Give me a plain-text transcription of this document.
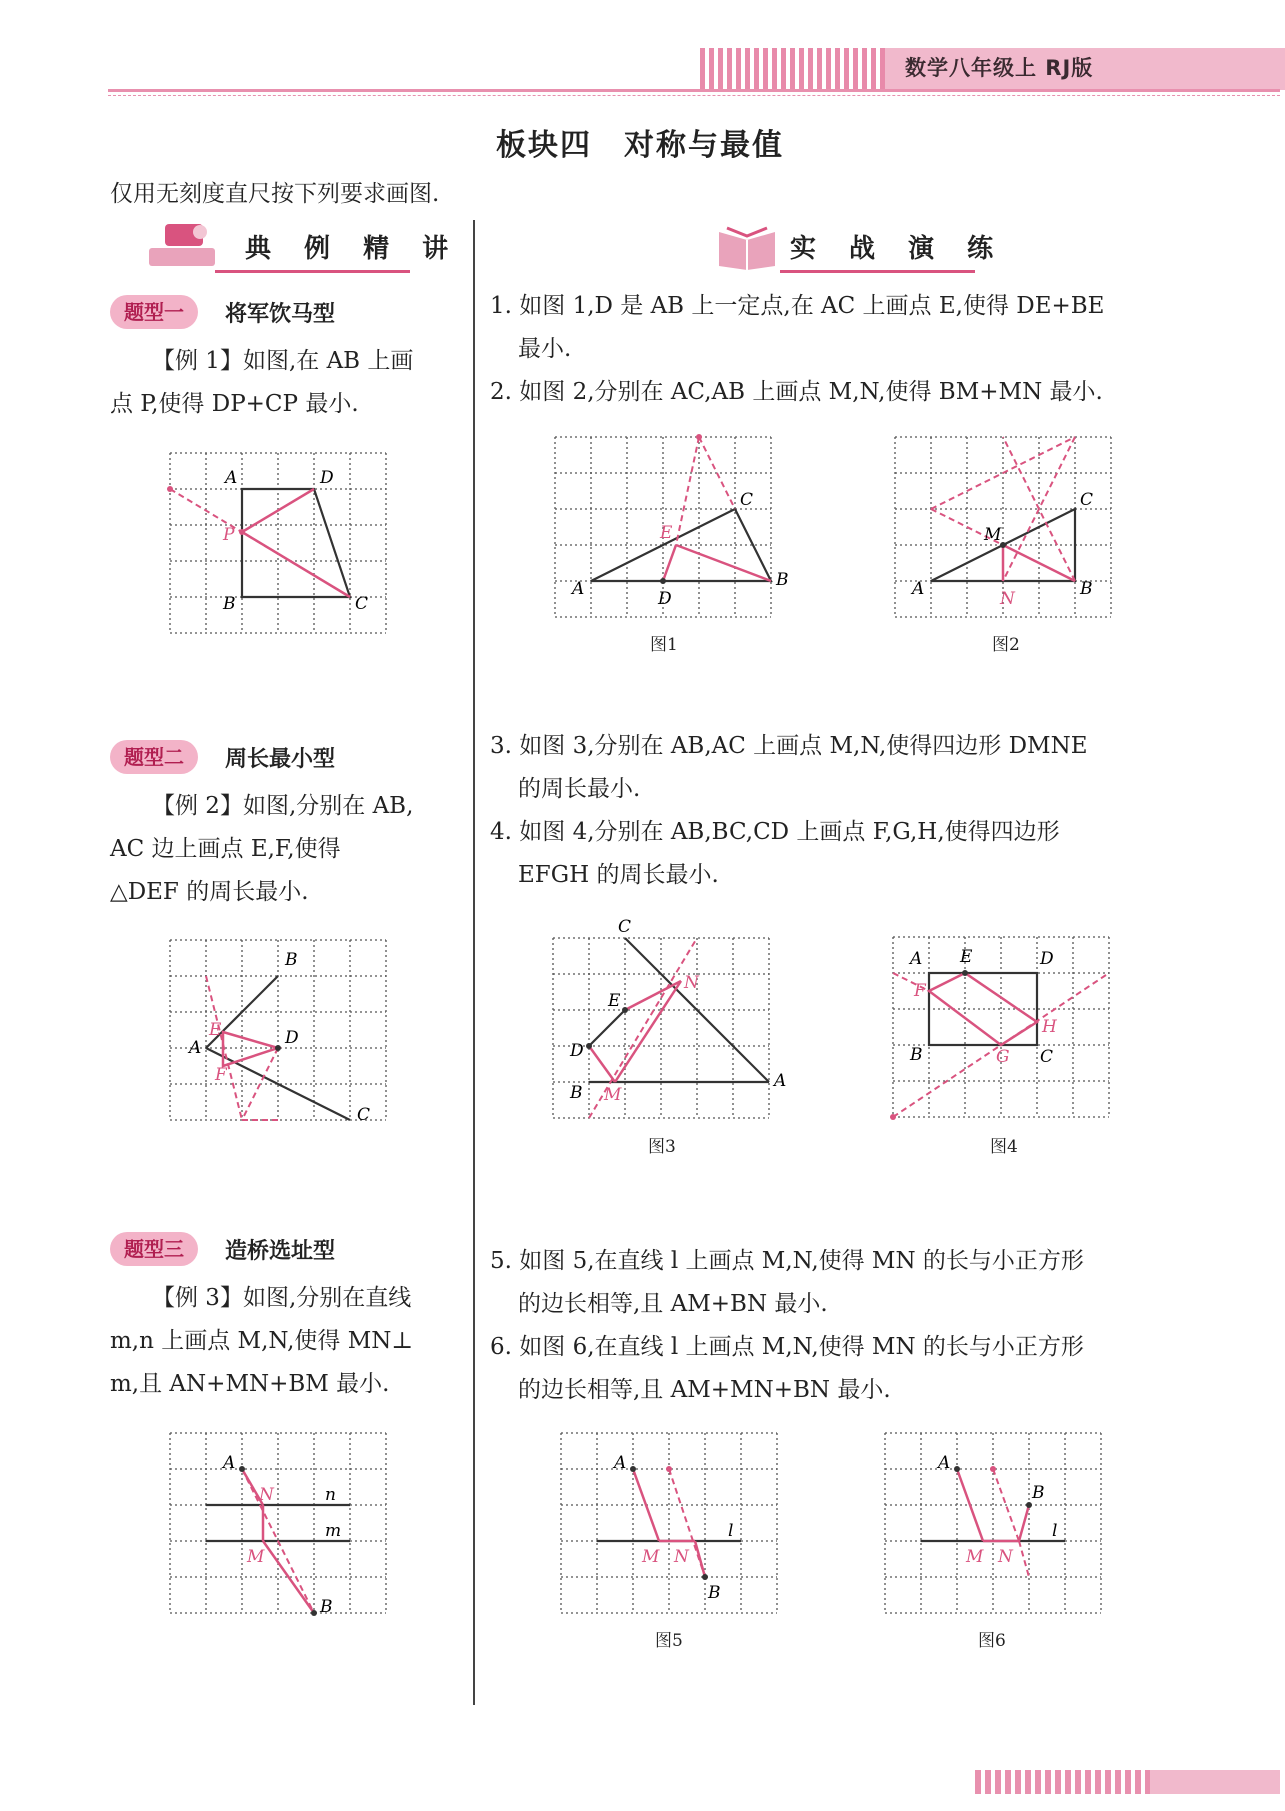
数学八年级上 RJ版
板块四　对称与最值
仅用无刻度直尺按下列要求画图.
典 例 精 讲	实 战 演 练
题型一	将军饮马型
【例 1】如图,在 AB 上画
点 P,使得 DP+CP 最小.
A	D
P
B	C
题型二	周长最小型
【例 2】如图,分别在 AB,
AC 边上画点 E,F,使得
△DEF 的周长最小.
B
E	D
A
F
C
题型三	造桥选址型
【例 3】如图,分别在直线
m,n 上画点 M,N,使得 MN⊥
m,且 AN+MN+BM 最小.
A
N	n
m
M
B
1. 如图 1,D 是 AB 上一定点,在 AC 上画点 E,使得 DE+BE
最小.
2. 如图 2,分别在 AC,AB 上画点 M,N,使得 BM+MN 最小.
C
E
A	D
B
图1
C
M
A	N	B
图2
3. 如图 3,分别在 AB,AC 上画点 M,N,使得四边形 DMNE
的周长最小.
4. 如图 4,分别在 AB,BC,CD 上画点 F,G,H,使得四边形
EFGH 的周长最小.
C
E
N
D
B M
A
图3
A E	D
F
H
B	G C
图4
5. 如图 5,在直线 l 上画点 M,N,使得 MN 的长与小正方形
的边长相等,且 AM+BN 最小.
6. 如图 6,在直线 l 上画点 M,N,使得 MN 的长与小正方形
的边长相等,且 AM+MN+BN 最小.
A
l
M N
B
图5
A
B
l
M N
图6
